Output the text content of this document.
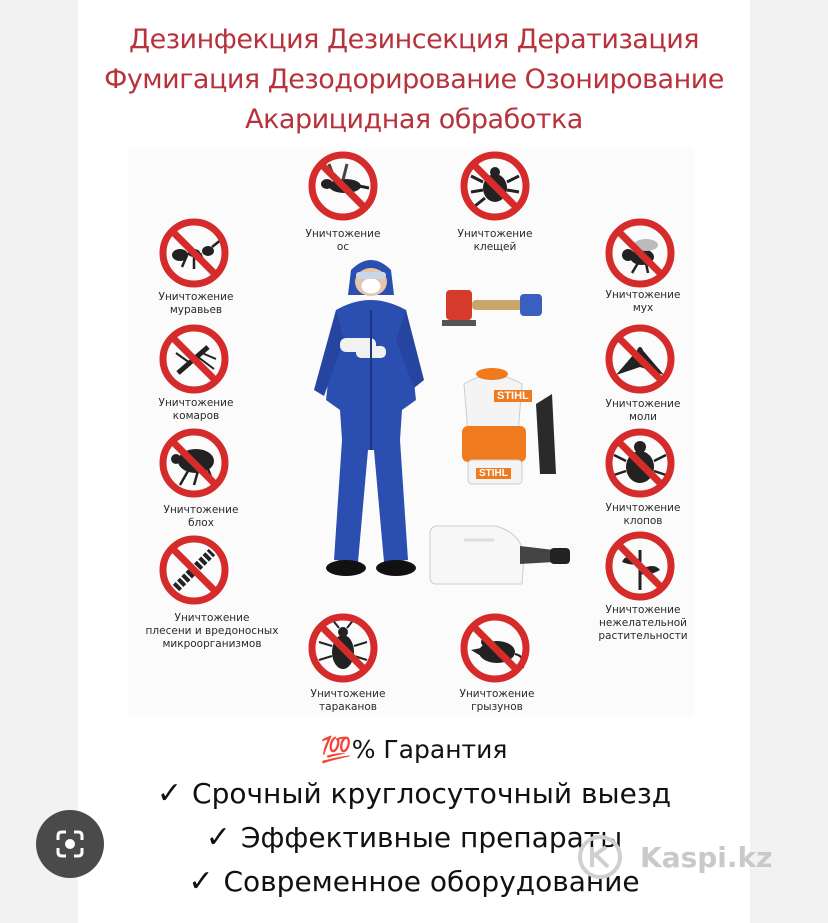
Дезинфекция Дезинсекция Дератизация
Фумигация Дезодорирование Озонирование
Акарицидная обработка
Уничтожение
ос
Уничтожение
клещей
Уничтожение
муравьев
Уничтожение
мух
Уничтожение
комаров
Уничтожение
моли
Уничтожение
блох
Уничтожение
клопов
Уничтожение
плесени и вредоносных
микроорганизмов
Уничтожение
нежелательной
растительности
Уничтожение
тараканов
Уничтожение
грызунов
STIHL
STIHL
💯% Гарантия
✓ Срочный круглосуточный выезд
✓ Эффективные препараты
✓ Современное оборудование
Kaspi.kz
